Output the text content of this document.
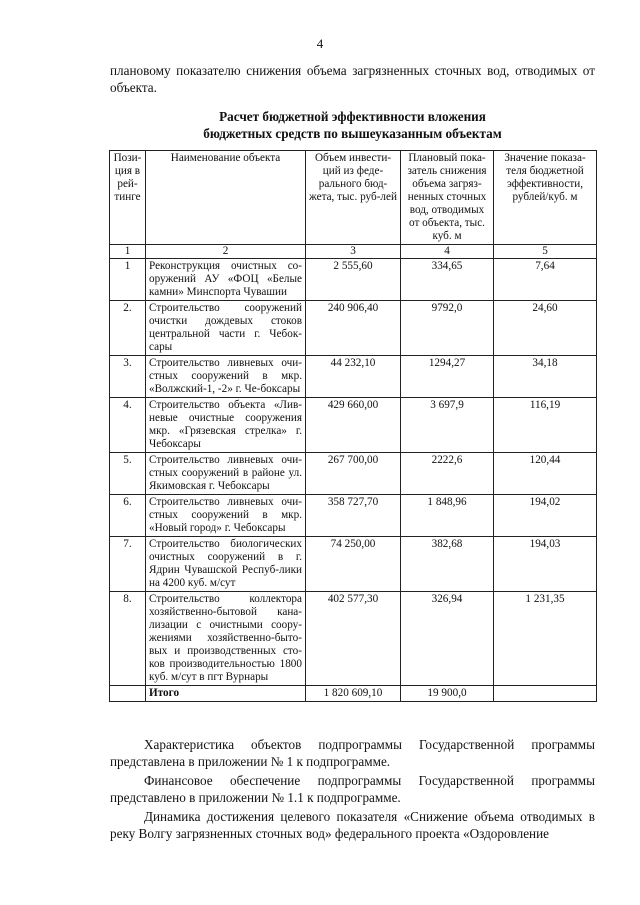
4

плановому показателю снижения объема загрязненных сточных вод, отводимых от объекта.

Расчет бюджетной эффективности вложения
бюджетных средств по вышеуказанным объектам
Пози-ция в рей-тинге	Наименование объекта	Объем инвести-ций из феде-рального бюд-жета, тыс. руб-лей	Плановый пока-затель снижения объема загряз-ненных сточных вод, отводимых от объекта, тыс. куб. м	Значение показа-теля бюджетной эффективности, рублей/куб. м
1	2	3	4	5
1	Реконструкция очистных со-оружений АУ «ФОЦ «Белые камни» Минспорта Чувашии	2 555,60	334,65	7,64
2.	Строительство сооружений очистки дождевых стоков центральной части г. Чебок-сары	240 906,40	9792,0	24,60
3.	Строительство ливневых очи-стных сооружений в мкр. «Волжский-1, -2» г. Че-боксары	44 232,10	1294,27	34,18
4.	Строительство объекта «Лив-невые очистные сооружения мкр. «Грязевская стрелка» г. Чебоксары	429 660,00	3 697,9	116,19
5.	Строительство ливневых очи-стных сооружений в районе ул. Якимовская г. Чебоксары	267 700,00	2222,6	120,44
6.	Строительство ливневых очи-стных сооружений в мкр. «Новый город» г. Чебоксары	358 727,70	1 848,96	194,02
7.	Строительство биологических очистных сооружений в г. Ядрин Чувашской Респуб-лики на 4200 куб. м/сут	74 250,00	382,68	194,03
8.	Строительство коллектора хозяйственно-бытовой кана-лизации с очистными соору-жениями хозяйственно-быто-вых и производственных сто-ков производительностью 1800 куб. м/сут в пгт Вурнары	402 577,30	326,94	1 231,35
	Итого	1 820 609,10	19 900,0	

Характеристика объектов подпрограммы Государственной программы представлена в приложении № 1 к подпрограмме.

Финансовое обеспечение подпрограммы Государственной программы представлено в приложении № 1.1 к подпрограмме.

Динамика достижения целевого показателя «Снижение объема отводимых в реку Волгу загрязненных сточных вод» федерального проекта «Оздоровление
